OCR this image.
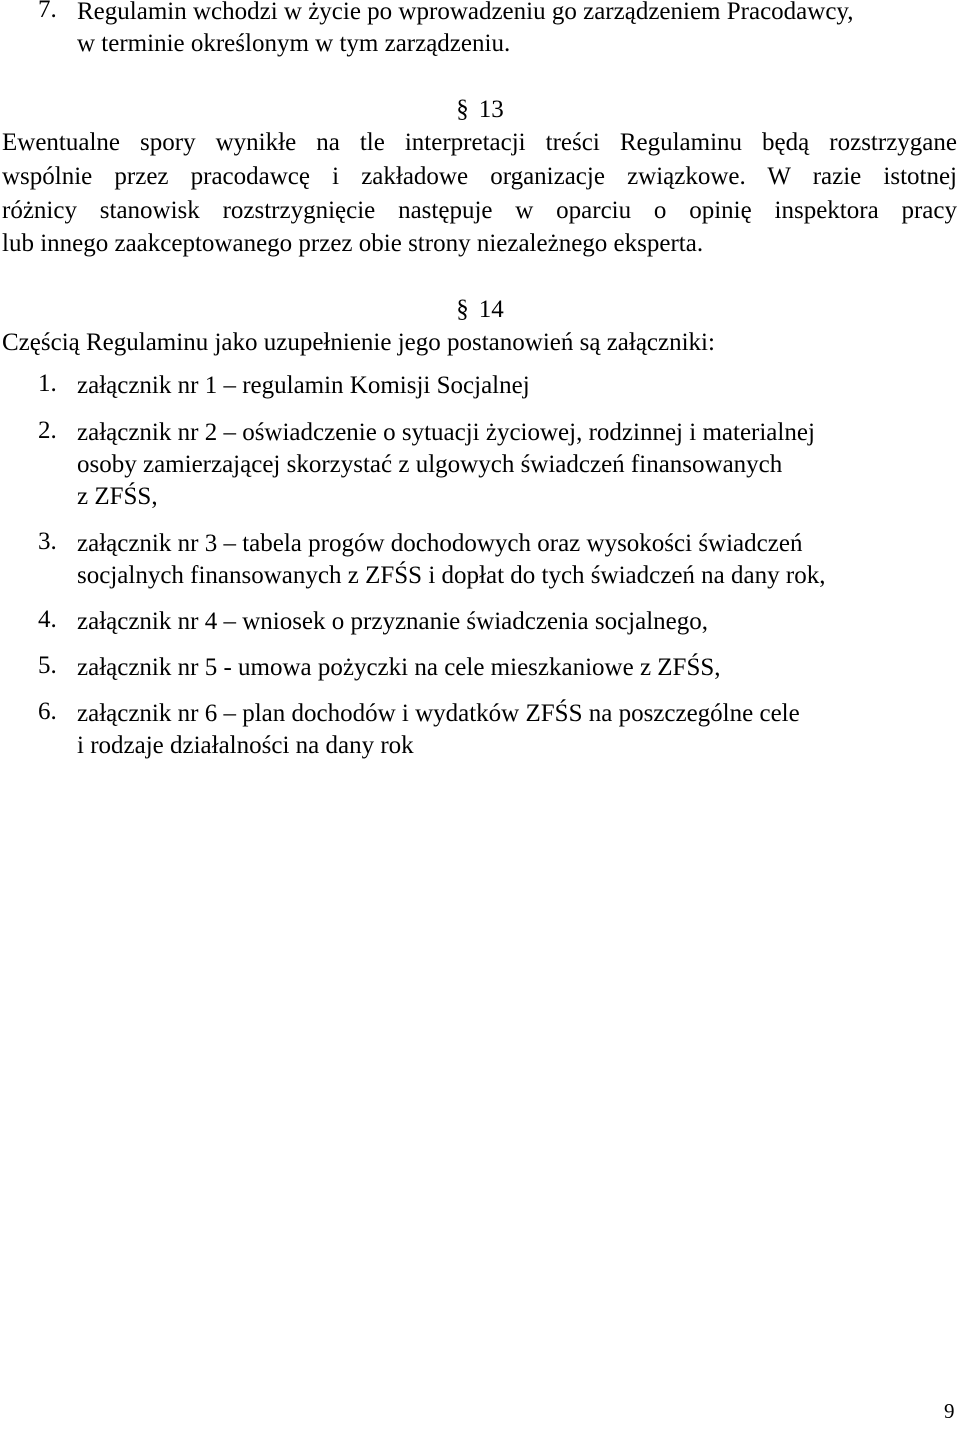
7. Regulamin wchodzi w życie po wprowadzeniu go zarządzeniem Pracodawcy,
w terminie określonym w tym zarządzeniu.
§ 13
Ewentualne spory wynikłe na tle interpretacji treści Regulaminu będą rozstrzygane
wspólnie przez pracodawcę i zakładowe organizacje związkowe. W razie istotnej
różnicy stanowisk rozstrzygnięcie następuje w oparciu o opinię inspektora pracy
lub innego zaakceptowanego przez obie strony niezależnego eksperta.
§ 14
Częścią Regulaminu jako uzupełnienie jego postanowień są załączniki:
1. załącznik nr 1 – regulamin Komisji Socjalnej
2. załącznik nr 2 – oświadczenie o sytuacji życiowej, rodzinnej i materialnej
osoby zamierzającej skorzystać z ulgowych świadczeń finansowanych
z ZFŚS,
3. załącznik nr 3 – tabela progów dochodowych oraz wysokości świadczeń
socjalnych finansowanych z ZFŚS i dopłat do tych świadczeń na dany rok,
4. załącznik nr 4 – wniosek o przyznanie świadczenia socjalnego,
5. załącznik nr 5 - umowa pożyczki na cele mieszkaniowe z ZFŚS,
6. załącznik nr 6 – plan dochodów i wydatków ZFŚS na poszczególne cele
i rodzaje działalności na dany rok
9
